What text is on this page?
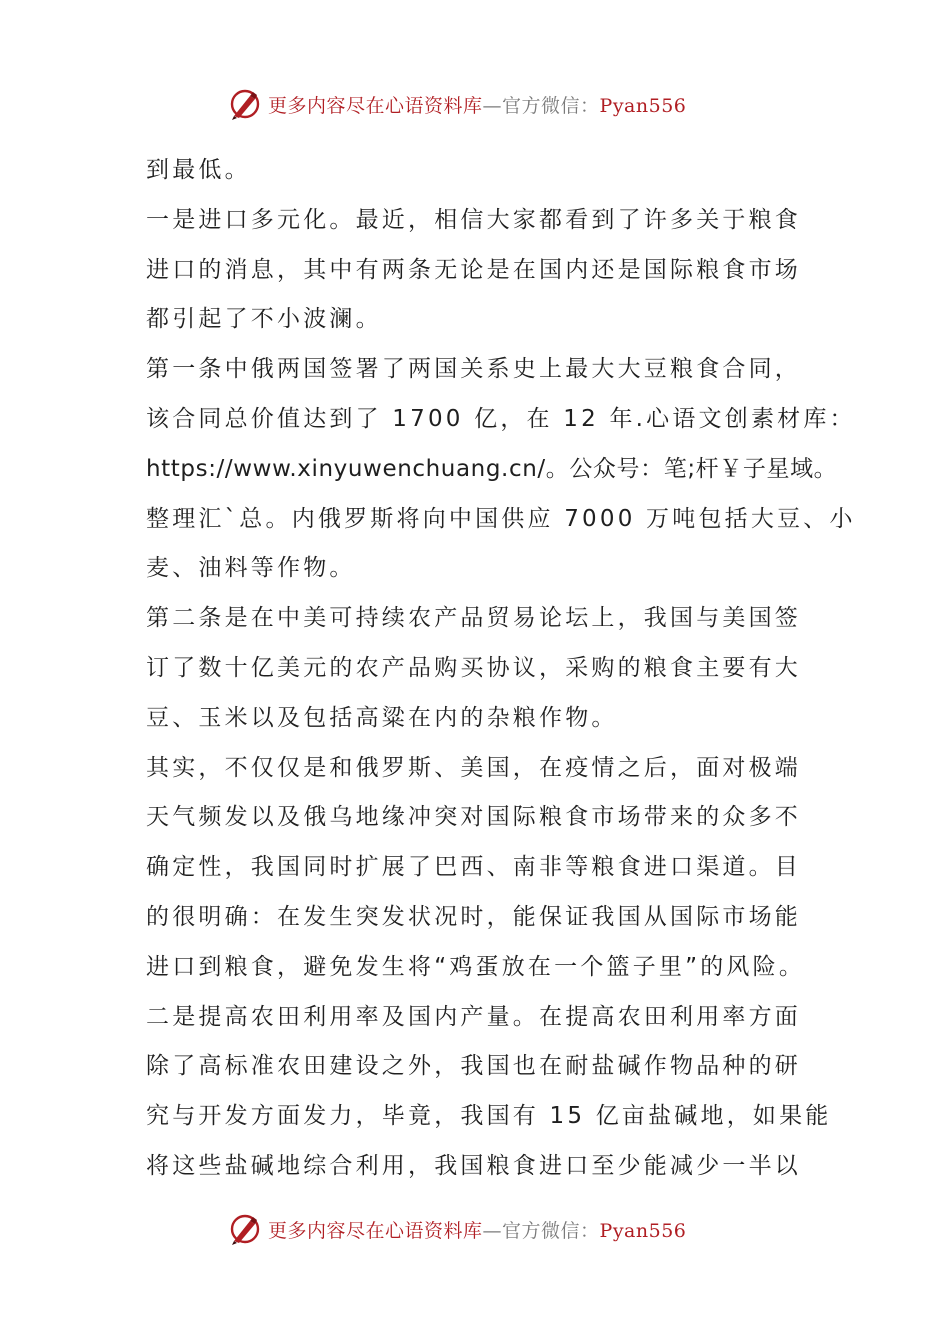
更多内容尽在心语资料库—官方微信：Pyan556
到最低。
一是进口多元化。最近，相信大家都看到了许多关于粮食
进口的消息，其中有两条无论是在国内还是国际粮食市场
都引起了不小波澜。
第一条中俄两国签署了两国关系史上最大大豆粮食合同，
该合同总价值达到了 1700 亿，在 12 年.心语文创素材库：
https://www.xinyuwenchuang.cn/。公众号：笔;杆￥子星域。
整理汇`总。内俄罗斯将向中国供应 7000 万吨包括大豆、小
麦、油料等作物。
第二条是在中美可持续农产品贸易论坛上，我国与美国签
订了数十亿美元的农产品购买协议，采购的粮食主要有大
豆、玉米以及包括高粱在内的杂粮作物。
其实，不仅仅是和俄罗斯、美国，在疫情之后，面对极端
天气频发以及俄乌地缘冲突对国际粮食市场带来的众多不
确定性，我国同时扩展了巴西、南非等粮食进口渠道。目
的很明确：在发生突发状况时，能保证我国从国际市场能
进口到粮食，避免发生将“鸡蛋放在一个篮子里”的风险。
二是提高农田利用率及国内产量。在提高农田利用率方面
除了高标准农田建设之外，我国也在耐盐碱作物品种的研
究与开发方面发力，毕竟，我国有 15 亿亩盐碱地，如果能
将这些盐碱地综合利用，我国粮食进口至少能减少一半以
更多内容尽在心语资料库—官方微信：Pyan556
